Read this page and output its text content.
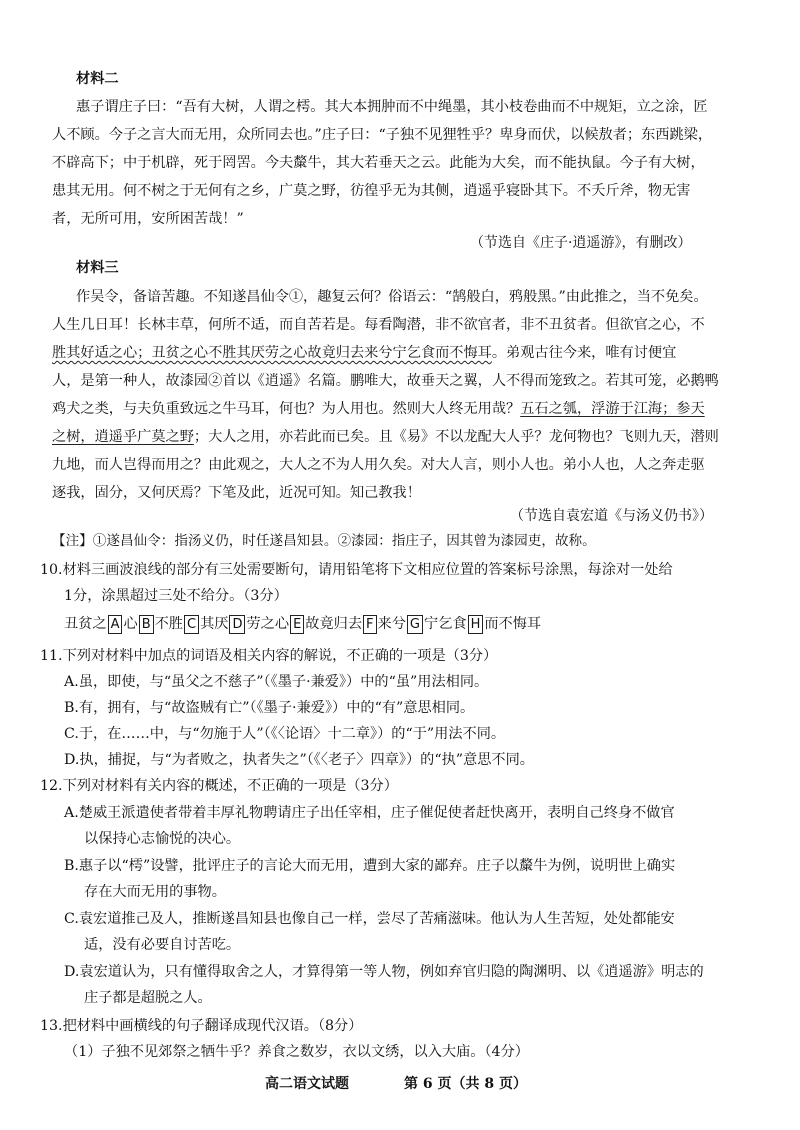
材料二
惠子谓庄子曰：“吾有大树，人谓之樗。其大本拥肿而不中绳墨，其小枝卷曲而不中规矩，立之涂，匠
人不顾。今子之言大而无用，众所同去也。”庄子曰：“子独不见狸牲乎？卑身而伏，以候敖者；东西跳梁，
不辟高下；中于机辟，死于罔罟。今夫斄牛，其大若垂天之云。此能为大矣，而不能执鼠。今子有大树，
患其无用。何不树之于无何有之乡，广莫之野，彷徨乎无为其侧，逍遥乎寝卧其下。不夭斤斧，物无害
者，无所可用，安所困苦哉！”
（节选自《庄子·逍遥游》，有删改）
材料三
作吴令，备谙苦趣。不知遂昌仙令①，趣复云何？俗语云：“鹄般白，鸦般黑。”由此推之，当不免矣。
人生几日耳！长林丰草，何所不适，而自苦若是。每看陶潜，非不欲官者，非不丑贫者。但欲官之心，不
胜其好适之心；丑贫之心不胜其厌劳之心故竟归去来兮宁乞食而不悔耳。弟观古往今来，唯有讨便宜
人，是第一种人，故漆园②首以《逍遥》名篇。鹏唯大，故垂天之翼，人不得而笼致之。若其可笼，必鹅鸭
鸡犬之类，与夫负重致远之牛马耳，何也？为人用也。然则大人终无用哉？五石之瓠，浮游于江海；参天
之树，逍遥乎广莫之野；大人之用，亦若此而已矣。且《易》不以龙配大人乎？龙何物也？飞则九天，潜则
九地，而人岂得而用之？由此观之，大人之不为人用久矣。对大人言，则小人也。弟小人也，人之奔走驱
逐我，固分，又何厌焉？下笔及此，近况可知。知己教我！
（节选自袁宏道《与汤义仍书》）
【注】①遂昌仙令：指汤义仍，时任遂昌知县。②漆园：指庄子，因其曾为漆园吏，故称。
10.材料三画波浪线的部分有三处需要断句，请用铅笔将下文相应位置的答案标号涂黑，每涂对一处给
1分，涂黑超过三处不给分。（3分）
丑贫之 A 心 B 不胜 C 其厌 D 劳之心 E 故竟归去 F 来兮 G 宁乞食 H 而不悔耳
11.下列对材料中加点的词语及相关内容的解说，不正确的一项是（3分）
A.虽，即使，与“虽父之不慈子”（《墨子·兼爱》）中的“虽”用法相同。
B.有，拥有，与“故盗贼有亡”（《墨子·兼爱》）中的“有”意思相同。
C.于，在……中，与“勿施于人”（《〈论语〉十二章》）的“于”用法不同。
D.执，捕捉，与“为者败之，执者失之”（《〈老子〉四章》）的“执”意思不同。
12.下列对材料有关内容的概述，不正确的一项是（3分）
A.楚威王派遣使者带着丰厚礼物聘请庄子出任宰相，庄子催促使者赶快离开，表明自己终身不做官
以保持心志愉悦的决心。
B.惠子以“樗”设譬，批评庄子的言论大而无用，遭到大家的鄙弃。庄子以斄牛为例，说明世上确实
存在大而无用的事物。
C.袁宏道推己及人，推断遂昌知县也像自己一样，尝尽了苦痛滋味。他认为人生苦短，处处都能安
适，没有必要自讨苦吃。
D.袁宏道认为，只有懂得取舍之人，才算得第一等人物，例如弃官归隐的陶渊明、以《逍遥游》明志的
庄子都是超脱之人。
13.把材料中画横线的句子翻译成现代汉语。（8分）
（1）子独不见郊祭之牺牛乎？养食之数岁，衣以文绣，以入大庙。（4分）
高二语文试题	第 6 页（共 8 页）
